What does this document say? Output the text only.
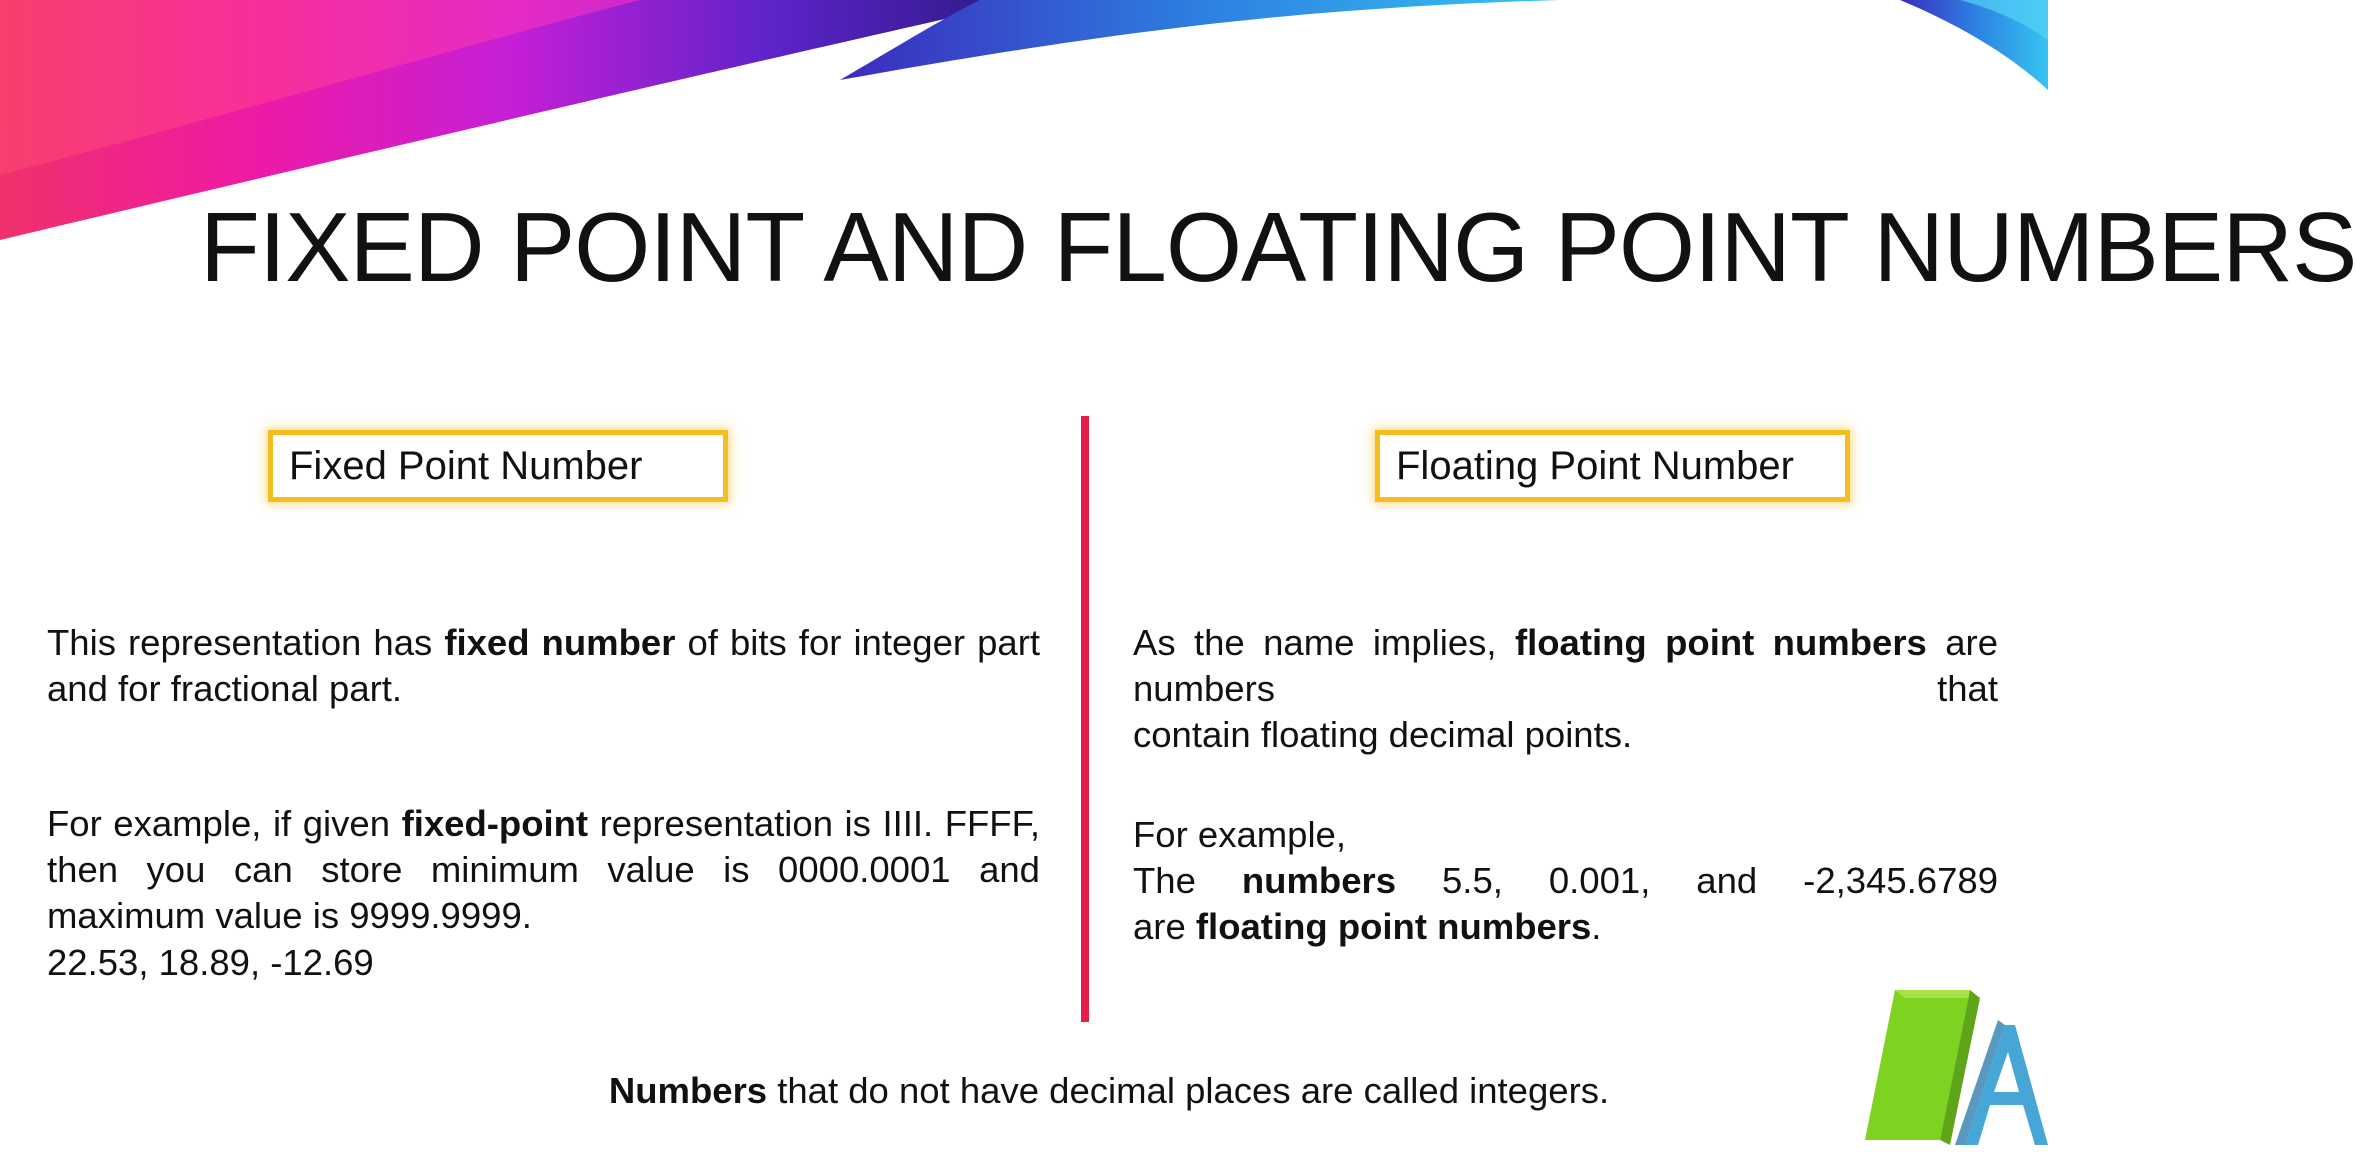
FIXED POINT AND FLOATING POINT NUMBERS
Fixed Point Number	Floating Point Number
This representation has fixed number of bits for integer part and for fractional part.
For example, if given fixed-point representation is IIII. FFFF, then you can store minimum value is 0000.0001 and maximum value is 9999.9999.
22.53, 18.89, -12.69
As the name implies, floating point numbers are numbers that
contain floating decimal points.
For example,
The numbers 5.5, 0.001, and -2,345.6789
are floating point numbers.
Numbers that do not have decimal places are called integers.
